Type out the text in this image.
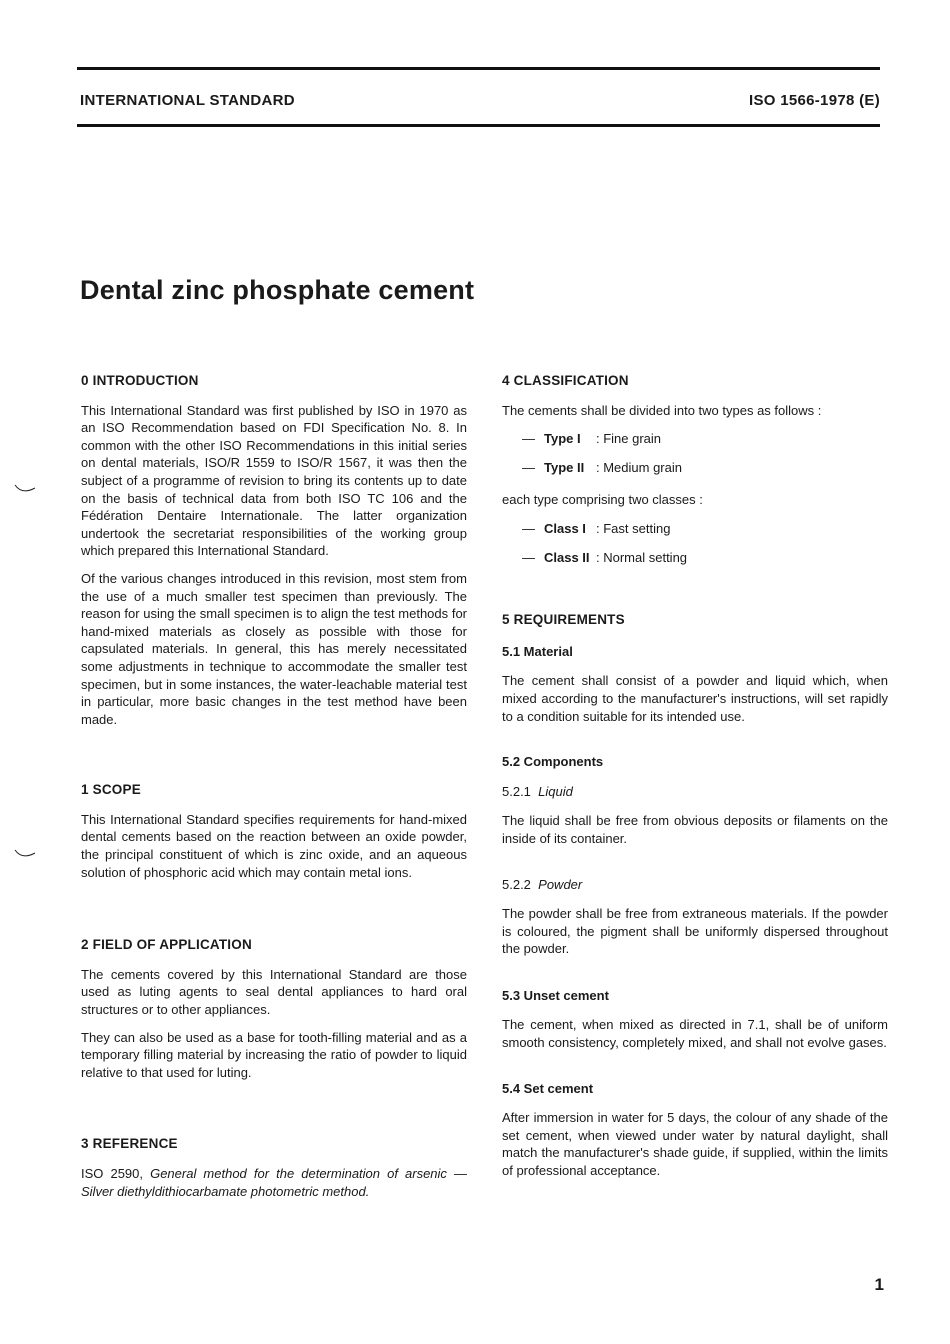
INTERNATIONAL STANDARD	ISO 1566-1978 (E)
Dental zinc phosphate cement
0 INTRODUCTION

This International Standard was first published by ISO in 1970 as an ISO Recommendation based on FDI Specification No. 8. In common with the other ISO Recommendations in this initial series on dental materials, ISO/R 1559 to ISO/R 1567, it was then the subject of a programme of revision to bring its contents up to date on the basis of technical data from both ISO TC 106 and the Fédération Dentaire Internationale. The latter organization undertook the secretariat responsibilities of the working group which prepared this International Standard.

Of the various changes introduced in this revision, most stem from the use of a much smaller test specimen than previously. The reason for using the small specimen is to align the test methods for hand-mixed materials as closely as possible with those for capsulated materials. In general, this has merely necessitated some adjustments in technique to accommodate the smaller test specimen, but in some instances, the water-leachable material test in particular, more basic changes in the test method have been made.

1 SCOPE

This International Standard specifies requirements for hand-mixed dental cements based on the reaction between an oxide powder, the principal constituent of which is zinc oxide, and an aqueous solution of phosphoric acid which may contain metal ions.

2 FIELD OF APPLICATION

The cements covered by this International Standard are those used as luting agents to seal dental appliances to hard oral structures or to other appliances.

They can also be used as a base for tooth-filling material and as a temporary filling material by increasing the ratio of powder to liquid relative to that used for luting.

3 REFERENCE

ISO 2590, General method for the determination of arsenic — Silver diethyldithiocarbamate photometric method.

4 CLASSIFICATION

The cements shall be divided into two types as follows :

— Type I : Fine grain
— Type II : Medium grain

each type comprising two classes :

— Class I : Fast setting
— Class II : Normal setting
5 REQUIREMENTS
5.1 Material

The cement shall consist of a powder and liquid which, when mixed according to the manufacturer's instructions, will set rapidly to a condition suitable for its intended use.

5.2 Components
5.2.1 Liquid

The liquid shall be free from obvious deposits or filaments on the inside of its container.

5.2.2 Powder

The powder shall be free from extraneous materials. If the powder is coloured, the pigment shall be uniformly dispersed throughout the powder.

5.3 Unset cement

The cement, when mixed as directed in 7.1, shall be of uniform smooth consistency, completely mixed, and shall not evolve gases.

5.4 Set cement

After immersion in water for 5 days, the colour of any shade of the set cement, when viewed under water by natural daylight, shall match the manufacturer's shade guide, if supplied, within the limits of professional acceptance.

1
